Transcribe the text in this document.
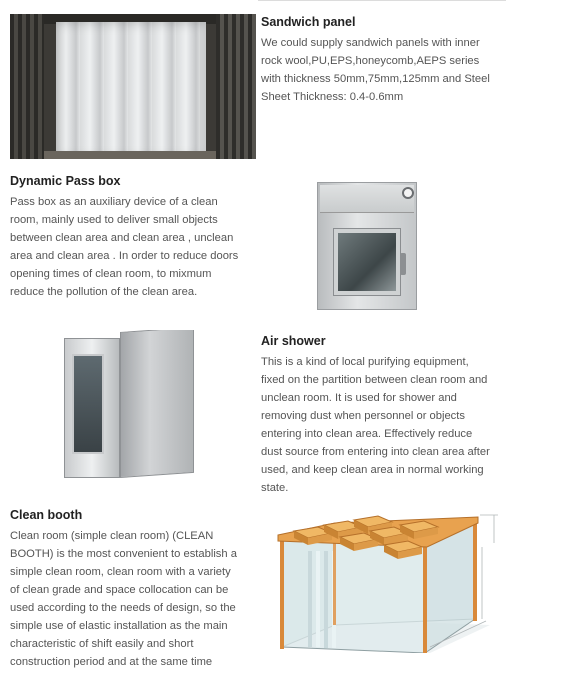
Sandwich panel

We could supply sandwich panels with inner

rock wool,PU,EPS,honeycomb,AEPS series

with thickness 50mm,75mm,125mm and Steel

Sheet Thickness: 0.4-0.6mm

Dynamic Pass box

Pass box as an auxiliary device of a clean

room, mainly used to deliver small objects

between clean area and clean area , unclean

area and clean area . In order to reduce doors

opening times of clean room, to mixmum

reduce the pollution of the clean area.

Air shower

This is a kind of local purifying equipment,

fixed on the partition between clean room and

unclean room. It is used for shower and

removing dust when personnel or objects

entering into clean area. Effectively reduce

dust source from entering into clean area after

used, and keep clean area in normal working

state.

Clean booth

Clean room (simple clean room) (CLEAN

BOOTH) is the most convenient to establish a

simple clean room, clean room with a variety

of clean grade and space collocation can be

used according to the needs of design, so the

simple use of elastic installation as the main

characteristic of shift easily and short

construction period and at the same time
